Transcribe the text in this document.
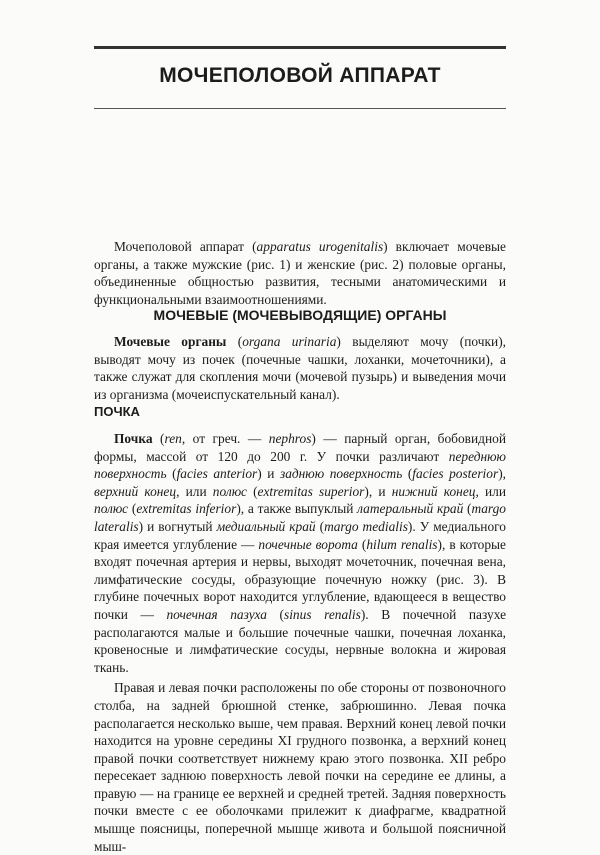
МОЧЕПОЛОВОЙ АППАРАТ

Мочеполовой аппарат (apparatus urogenitalis) включает мочевые органы, а также мужские (рис. 1) и женские (рис. 2) половые органы, объединенные общностью развития, тесными анатомическими и функциональными взаимоотношениями.

МОЧЕВЫЕ (МОЧЕВЫВОДЯЩИЕ) ОРГАНЫ

Мочевые органы (organa urinaria) выделяют мочу (почки), выводят мочу из почек (почечные чашки, лоханки, мочеточники), а также служат для скопления мочи (мочевой пузырь) и выведения мочи из организма (мочеиспускательный канал).

ПОЧКА

Почка (ren, от греч. — nephros) — парный орган, бобовидной формы, массой от 120 до 200 г. У почки различают переднюю поверхность (facies anterior) и заднюю поверхность (facies posterior), верхний конец, или полюс (extremitas superior), и нижний конец, или полюс (extremitas inferior), а также выпуклый латеральный край (margo lateralis) и вогнутый медиальный край (margo medialis). У медиального края имеется углубление — почечные ворота (hilum renalis), в которые входят почечная артерия и нервы, выходят мочеточник, почечная вена, лимфатические сосуды, образующие почечную ножку (рис. 3). В глубине почечных ворот находится углубление, вдающееся в вещество почки — почечная пазуха (sinus renalis). В почечной пазухе располагаются малые и большие почечные чашки, почечная лоханка, кровеносные и лимфатические сосуды, нервные волокна и жировая ткань.

Правая и левая почки расположены по обе стороны от позвоночного столба, на задней брюшной стенке, забрюшинно. Левая почка располагается несколько выше, чем правая. Верхний конец левой почки находится на уровне середины XI грудного позвонка, а верхний конец правой почки соответствует нижнему краю этого позвонка. XII ребро пересекает заднюю поверхность левой почки на середине ее длины, а правую — на границе ее верхней и средней третей. Задняя поверхность почки вместе с ее оболочками прилежит к диафрагме, квадратной мышце поясницы, поперечной мышце живота и большой поясничной мыш-
